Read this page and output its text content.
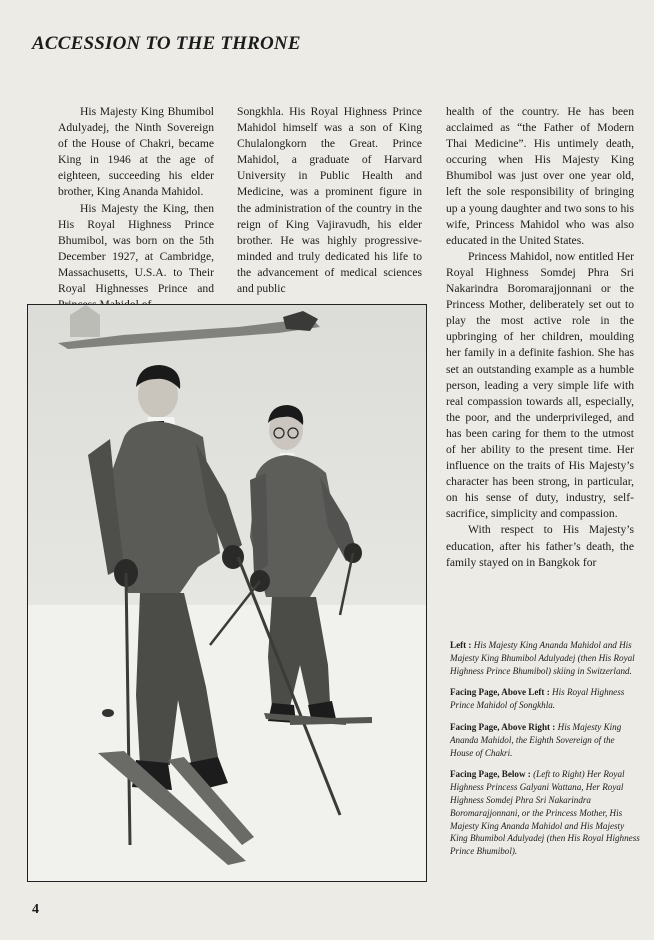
ACCESSION TO THE THRONE

His Majesty King Bhumibol Adulyadej, the Ninth Sovereign of the House of Chakri, became King in 1946 at the age of eighteen, succeeding his elder brother, King Ananda Mahidol.

His Majesty the King, then His Royal Highness Prince Bhumibol, was born on the 5th December 1927, at Cambridge, Massachusetts, U.S.A. to Their Royal Highnesses Prince and

Songkhla. His Royal Highness Prince Mahidol himself was a son of King Chulalongkorn the Great. Prince Mahidol, a graduate of Harvard University in Public Health and Medicine, was a prominent figure in the administration of the country in the reign of King Vajiravudh, his elder brother. He was highly progressive-minded and truly dedicated his life to the advancement of medical sciences and public

health of the country. He has been acclaimed as “the Father of Modern Thai Medicine”. His untimely death, occuring when His Majesty King Bhumibol was just over one year old, left the sole responsibility of bringing up a young daughter and two sons to his wife, Princess Mahidol who was also educated in the United States.

Princess Mahidol, now entitled Her Royal Highness Somdej Phra Sri Nakarindra Boromarajjonnani or the Princess Mother, deliberately set out to play the most active role in the upbringing of her children, moulding her family in a definite fashion. She has set an outstanding example as a humble person, leading a very simple life with real compassion towards all, especially, the poor, and the underprivileged, and has been caring for them to the utmost of her ability to the present time. Her influence on the traits of His Majesty’s character has been strong, in particular, on his sense of duty, industry, self-sacrifice, simplicity and compassion.

With respect to His Majesty’s education, after his father’s death, the family stayed on in Bangkok for

Left : His Majesty King Ananda Mahidol and His Majesty King Bhumibol Adulyadej (then His Royal Highness Prince Bhumibol) skiing in Switzerland.

Facing Page, Above Left : His Royal Highness Prince Mahidol of Songkhla.

Facing Page, Above Right : His Majesty King Ananda Mahidol, the Eighth Sovereign of the House of Chakri.

Facing Page, Below : (Left to Right) Her Royal Highness Princess Galyani Wattana, Her Royal Highness Somdej Phra Sri Nakarindra Boromarajjonnani, or the Princess Mother, His Majesty King Ananda Mahidol and His Majesty King Bhumibol Adulyadej (then His Royal Highness Prince Bhumibol).

4
